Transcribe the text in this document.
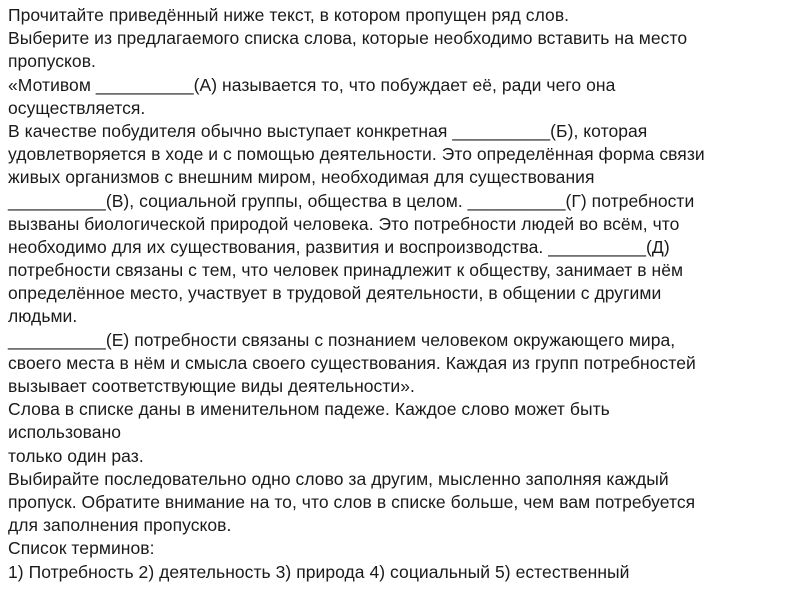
Прочитайте приведённый ниже текст, в котором пропущен ряд слов.
Выберите из предлагаемого списка слова, которые необходимо вставить на место
пропусков.
«Мотивом __________(А) называется то, что побуждает её, ради чего она
осуществляется.
В качестве побудителя обычно выступает конкретная __________(Б), которая
удовлетворяется в ходе и с помощью деятельности. Это определённая форма связи
живых организмов с внешним миром, необходимая для существования
__________(В), социальной группы, общества в целом. __________(Г) потребности
вызваны биологической природой человека. Это потребности людей во всём, что
необходимо для их существования, развития и воспроизводства. __________(Д)
потребности связаны с тем, что человек принадлежит к обществу, занимает в нём
определённое место, участвует в трудовой деятельности, в общении с другими
людьми.
__________(Е) потребности связаны с познанием человеком окружающего мира,
своего места в нём и смысла своего существования. Каждая из групп потребностей
вызывает соответствующие виды деятельности».
Слова в списке даны в именительном падеже. Каждое слово может быть
использовано
только один раз.
Выбирайте последовательно одно слово за другим, мысленно заполняя каждый
пропуск. Обратите внимание на то, что слов в списке больше, чем вам потребуется
для заполнения пропусков.
Список терминов:
1) Потребность 2) деятельность 3) природа 4) социальный 5) естественный
